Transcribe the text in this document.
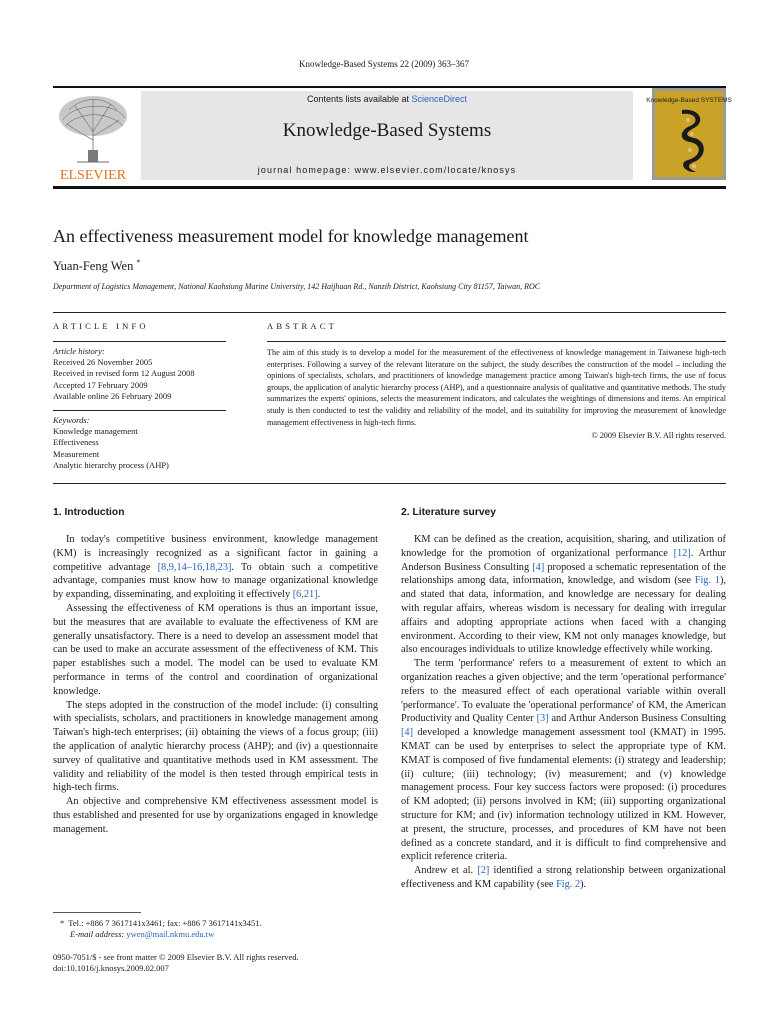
Knowledge-Based Systems 22 (2009) 363–367
ELSEVIER
Contents lists available at ScienceDirect
Knowledge-Based Systems
journal homepage: www.elsevier.com/locate/knosys
Knowledge-Based SYSTEMS
An effectiveness measurement model for knowledge management
Yuan-Feng Wen *
Department of Logistics Management, National Kaohsiung Marine University, 142 Haijhuan Rd., Nanzih District, Kaohsiung City 81157, Taiwan, ROC
ARTICLE INFO	ABSTRACT
Article history:
Received 26 November 2005
Received in revised form 12 August 2008
Accepted 17 February 2009
Available online 26 February 2009
Keywords:
Knowledge management
Effectiveness
Measurement
Analytic hierarchy process (AHP)

The aim of this study is to develop a model for the measurement of the effectiveness of knowledge management in Taiwanese high-tech enterprises. Following a survey of the relevant literature on the subject, the study describes the construction of the model – including the opinions of specialists, scholars, and practitioners of knowledge management practice among Taiwan's high-tech firms, the use of focus groups, the application of analytic hierarchy process (AHP), and a questionnaire analysis of qualitative and quantitative methods. The study summarizes the experts' opinions, selects the measurement indicators, and calculates the weightings of dimensions and items. An empirical study is then conducted to test the validity and reliability of the model, and its suitability for improving the measurement of knowledge management effectiveness in high-tech firms.

© 2009 Elsevier B.V. All rights reserved.

1. Introduction

In today's competitive business environment, knowledge management (KM) is increasingly recognized as a significant factor in gaining a competitive advantage [8,9,14–16,18,23]. To obtain such a competitive advantage, companies must know how to manage organizational knowledge by expanding, disseminating, and exploiting it effectively [6,21].

Assessing the effectiveness of KM operations is thus an important issue, but the measures that are available to evaluate the effectiveness of KM are generally unsatisfactory. There is a need to develop an assessment model that can be used to make an accurate assessment of the effectiveness of KM. This paper establishes such a model. The model can be used to evaluate KM performance in terms of the control and coordination of organizational knowledge.

The steps adopted in the construction of the model include: (i) consulting with specialists, scholars, and practitioners in knowledge management among Taiwan's high-tech enterprises; (ii) obtaining the views of a focus group; (iii) the application of analytic hierarchy process (AHP); and (iv) a questionnaire survey of qualitative and quantitative methods used in KM assessment. The validity and reliability of the model is then tested through empirical tests in high-tech firms.

An objective and comprehensive KM effectiveness assessment model is thus established and presented for use by organizations engaged in knowledge management.

2. Literature survey

KM can be defined as the creation, acquisition, sharing, and utilization of knowledge for the promotion of organizational performance [12]. Arthur Anderson Business Consulting [4] proposed a schematic representation of the relationships among data, information, knowledge, and wisdom (see Fig. 1), and stated that data, information, and knowledge are necessary for dealing with regular affairs, whereas wisdom is necessary for dealing with irregular affairs and adopting appropriate actions when faced with a changing environment. According to their view, KM not only manages knowledge, but also encourages individuals to utilize knowledge effectively while working.

The term 'performance' refers to a measurement of extent to which an organization reaches a given objective; and the term 'operational performance' refers to the measured effect of each operational variable within overall 'performance'. To evaluate the 'operational performance' of KM, the American Productivity and Quality Center [3] and Arthur Anderson Business Consulting [4] developed a knowledge management assessment tool (KMAT) in 1995. KMAT can be used by enterprises to select the appropriate type of KM. KMAT is composed of five fundamental elements: (i) strategy and leadership; (ii) culture; (iii) technology; (iv) measurement; and (v) knowledge management process. Four key success factors were proposed: (i) procedures of KM adopted; (ii) persons involved in KM; (iii) supporting organizational structure for KM; and (iv) information technology utilized in KM. However, at present, the structure, processes, and procedures of KM have not been defined as a concrete standard, and it is difficult to find comprehensive and explicit reference criteria.

Andrew et al. [2] identified a strong relationship between organizational effectiveness and KM capability (see Fig. 2).

* Tel.: +886 7 3617141x3461; fax: +886 7 3617141x3451.
E-mail address: ywen@mail.nkmu.edu.tw
0950-7051/$ - see front matter © 2009 Elsevier B.V. All rights reserved.
doi:10.1016/j.knosys.2009.02.007
